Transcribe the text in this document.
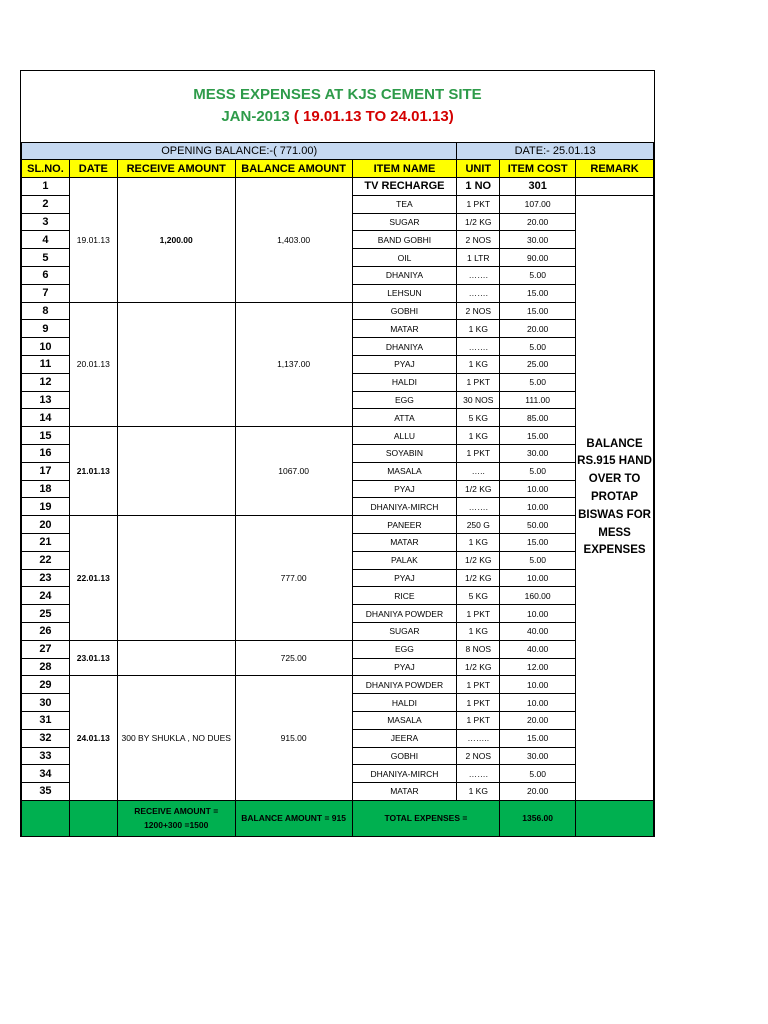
MESS EXPENSES AT KJS CEMENT SITE
JAN-2013 ( 19.01.13 TO 24.01.13)
OPENING BALANCE:-( 771.00)					DATE:- 25.01.13		
SL.NO.	DATE	RECEIVE AMOUNT	BALANCE AMOUNT	ITEM NAME	UNIT	ITEM COST	REMARK
1	19.01.13	1,200.00	1,403.00	TV RECHARGE	1 NO	301	
2				TEA	1 PKT	107.00	BALANCE RS.915 HAND OVER TO PROTAP BISWAS FOR MESS EXPENSES
3				SUGAR	1/2 KG	20.00	
4				BAND GOBHI	2 NOS	30.00	
5				OIL	1 LTR	90.00	
6				DHANIYA	…….	5.00	
7				LEHSUN	…….	15.00	
8	20.01.13		1,137.00	GOBHI	2 NOS	15.00	
9				MATAR	1 KG	20.00	
10				DHANIYA	…….	5.00	
11				PYAJ	1 KG	25.00	
12				HALDI	1 PKT	5.00	
13				EGG	30 NOS	111.00	
14				ATTA	5 KG	85.00	
15	21.01.13		1067.00	ALLU	1 KG	15.00	
16				SOYABIN	1 PKT	30.00	
17				MASALA	…..	5.00	
18				PYAJ	1/2 KG	10.00	
19				DHANIYA-MIRCH	…….	10.00	
20	22.01.13		777.00	PANEER	250 G	50.00	
21				MATAR	1 KG	15.00	
22				PALAK	1/2 KG	5.00	
23				PYAJ	1/2 KG	10.00	
24				RICE	5 KG	160.00	
25				DHANIYA POWDER	1 PKT	10.00	
26				SUGAR	1 KG	40.00	
27	23.01.13		725.00	EGG	8 NOS	40.00	
28				PYAJ	1/2 KG	12.00	
29	24.01.13	300 BY SHUKLA , NO DUES	915.00	DHANIYA POWDER	1 PKT	10.00	
30				HALDI	1 PKT	10.00	
31				MASALA	1 PKT	20.00	
32				JEERA	……..	15.00	
33				GOBHI	2 NOS	30.00	
34				DHANIYA-MIRCH	…….	5.00	
35				MATAR	1 KG	20.00	
		RECEIVE AMOUNT = 1200+300 =1500	BALANCE AMOUNT = 915	TOTAL EXPENSES =		1356.00	
